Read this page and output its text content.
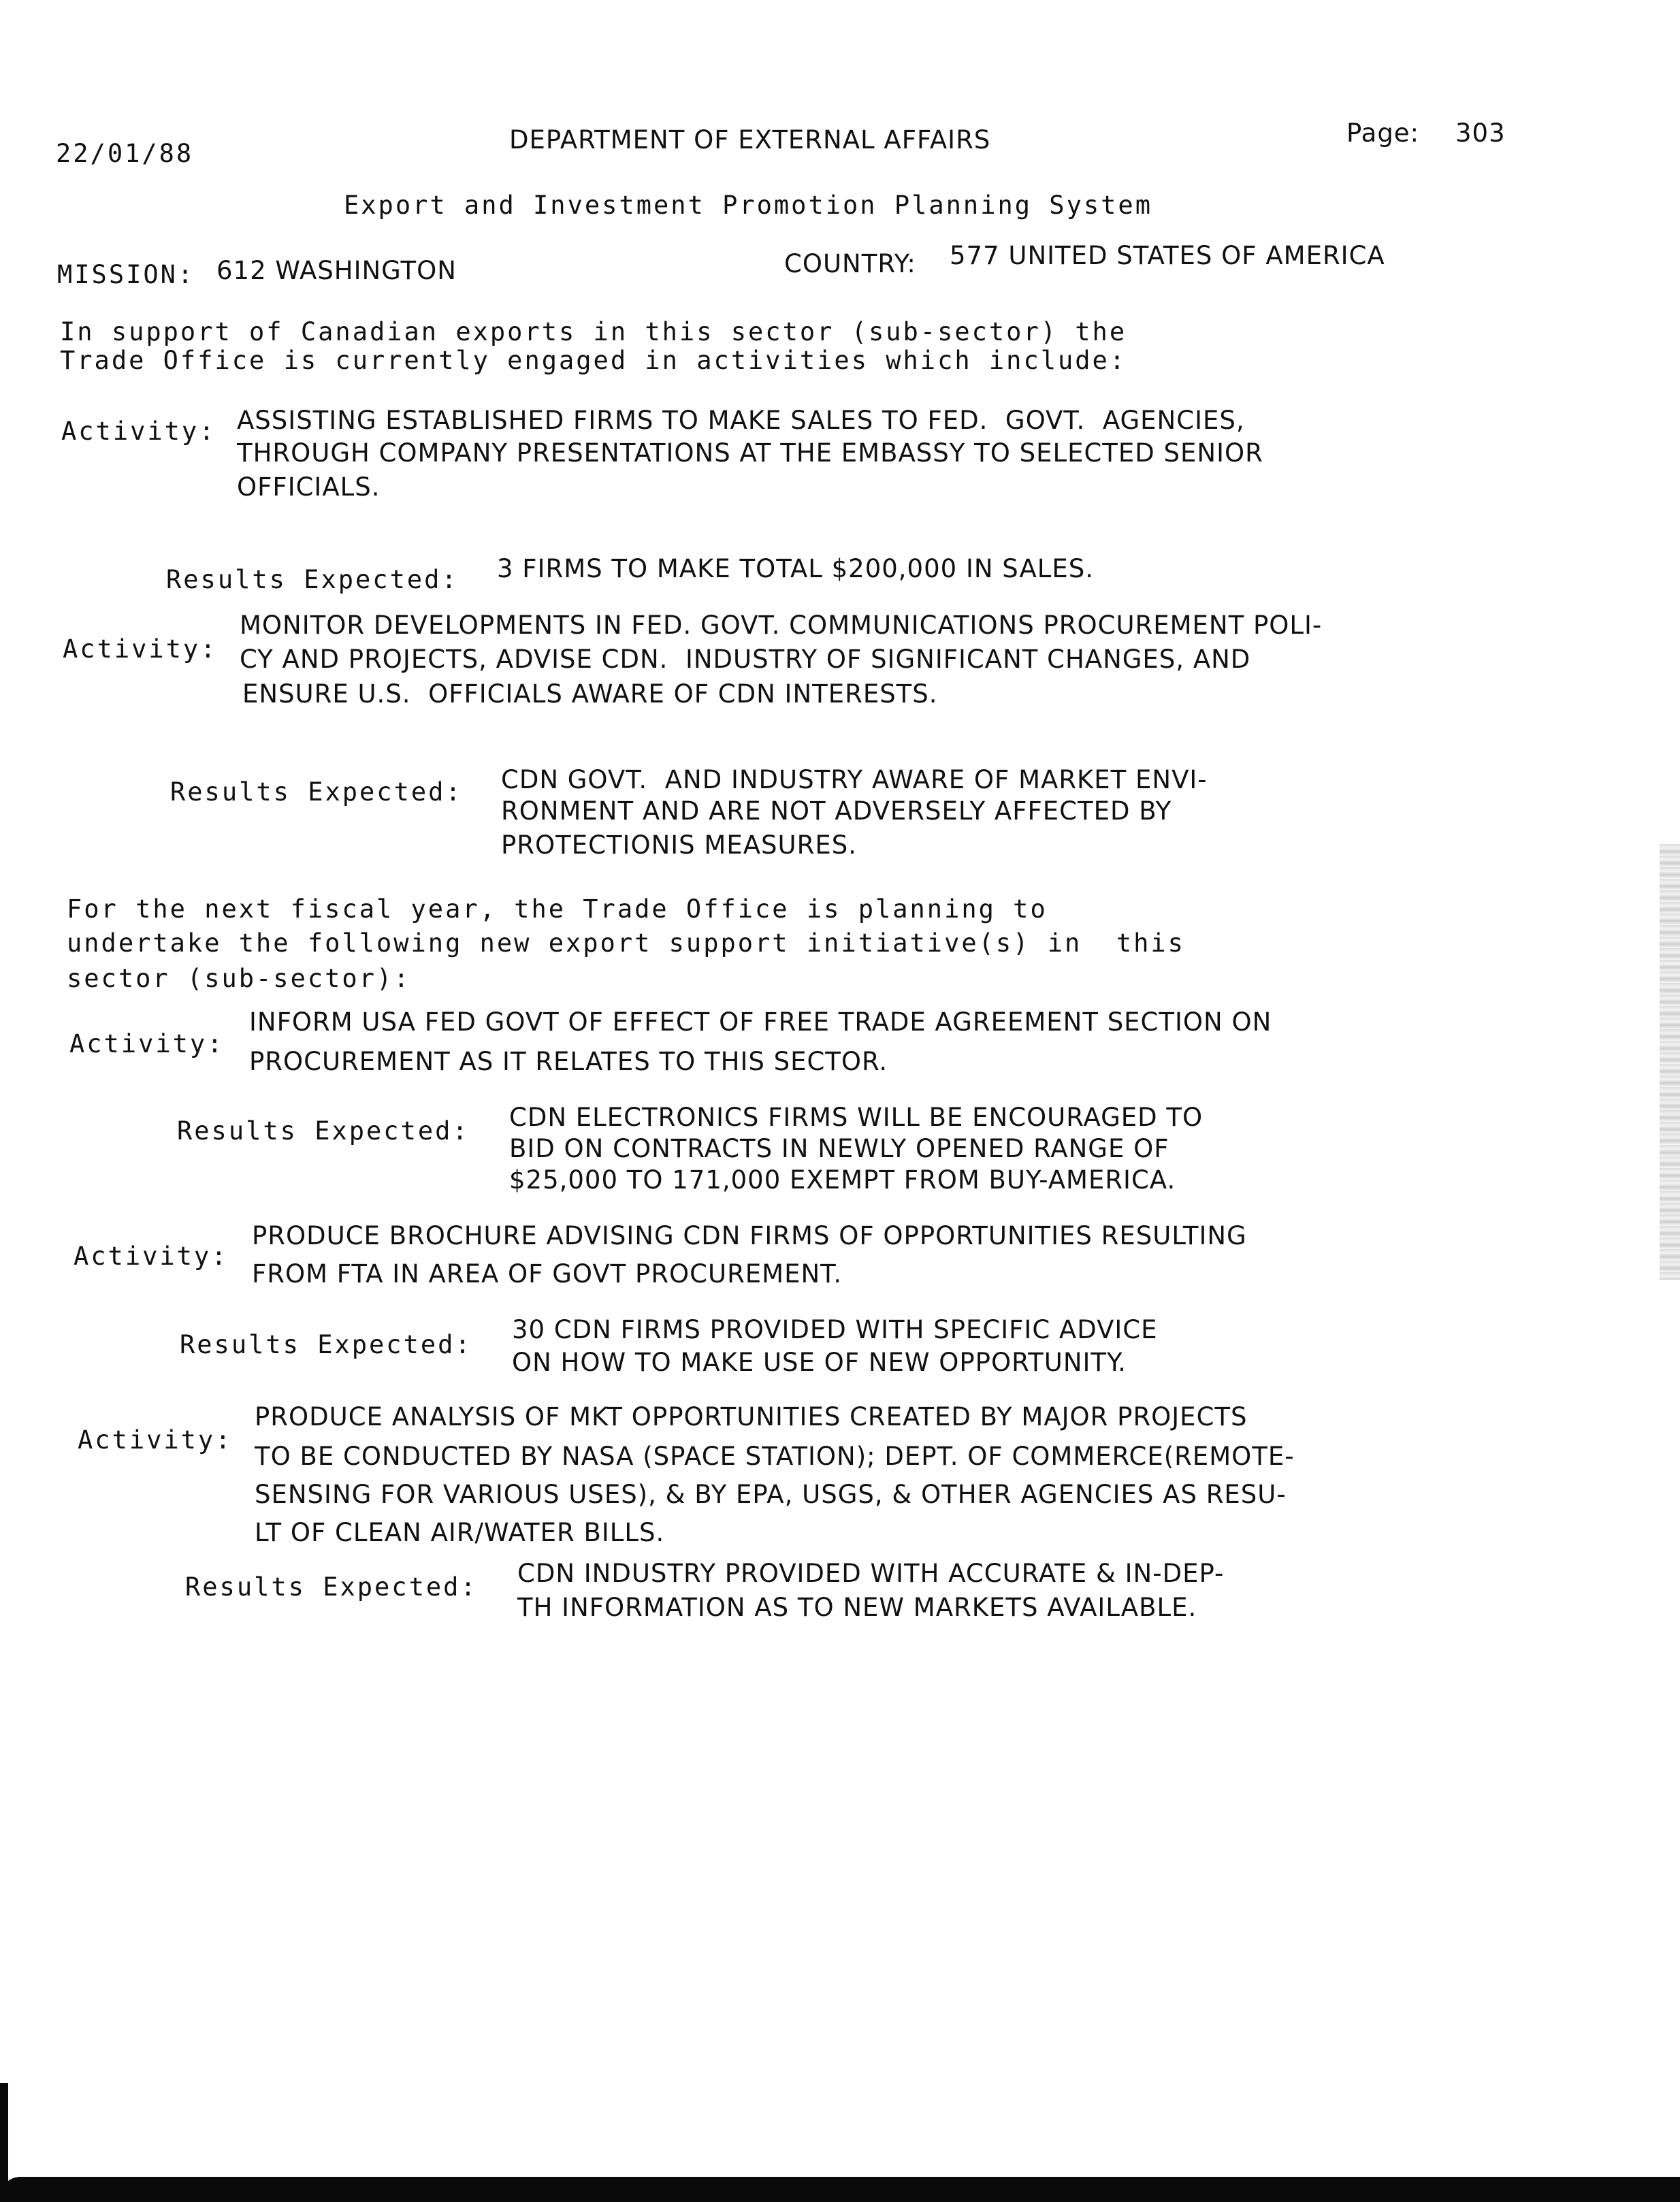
22/01/88	DEPARTMENT OF EXTERNAL AFFAIRS	Page: 303
Export and Investment Promotion Planning System
MISSION: 612 WASHINGTON	COUNTRY: 577 UNITED STATES OF AMERICA
In support of Canadian exports in this sector (sub-sector) the
Trade Office is currently engaged in activities which include:
Activity: ASSISTING ESTABLISHED FIRMS TO MAKE SALES TO FED.  GOVT.  AGENCIES,
THROUGH COMPANY PRESENTATIONS AT THE EMBASSY TO SELECTED SENIOR
OFFICIALS.
Results Expected: 3 FIRMS TO MAKE TOTAL $200,000 IN SALES.
Activity:
MONITOR DEVELOPMENTS IN FED. GOVT. COMMUNICATIONS PROCUREMENT POLI-
CY AND PROJECTS, ADVISE CDN.  INDUSTRY OF SIGNIFICANT CHANGES, AND
ENSURE U.S.  OFFICIALS AWARE OF CDN INTERESTS.
Results Expected: CDN GOVT.  AND INDUSTRY AWARE OF MARKET ENVI-
RONMENT AND ARE NOT ADVERSELY AFFECTED BY
PROTECTIONIS MEASURES.
For the next fiscal year, the Trade Office is planning to
undertake the following new export support initiative(s) in  this
sector (sub-sector):
Activity:
INFORM USA FED GOVT OF EFFECT OF FREE TRADE AGREEMENT SECTION ON
PROCUREMENT AS IT RELATES TO THIS SECTOR.
Results Expected: CDN ELECTRONICS FIRMS WILL BE ENCOURAGED TO
BID ON CONTRACTS IN NEWLY OPENED RANGE OF
$25,000 TO 171,000 EXEMPT FROM BUY-AMERICA.
Activity:
PRODUCE BROCHURE ADVISING CDN FIRMS OF OPPORTUNITIES RESULTING
FROM FTA IN AREA OF GOVT PROCUREMENT.
Results Expected:
30 CDN FIRMS PROVIDED WITH SPECIFIC ADVICE
ON HOW TO MAKE USE OF NEW OPPORTUNITY.
Activity:
PRODUCE ANALYSIS OF MKT OPPORTUNITIES CREATED BY MAJOR PROJECTS
TO BE CONDUCTED BY NASA (SPACE STATION); DEPT. OF COMMERCE(REMOTE-
SENSING FOR VARIOUS USES), & BY EPA, USGS, & OTHER AGENCIES AS RESU-
LT OF CLEAN AIR/WATER BILLS.
Results Expected: CDN INDUSTRY PROVIDED WITH ACCURATE & IN-DEP-
TH INFORMATION AS TO NEW MARKETS AVAILABLE.
